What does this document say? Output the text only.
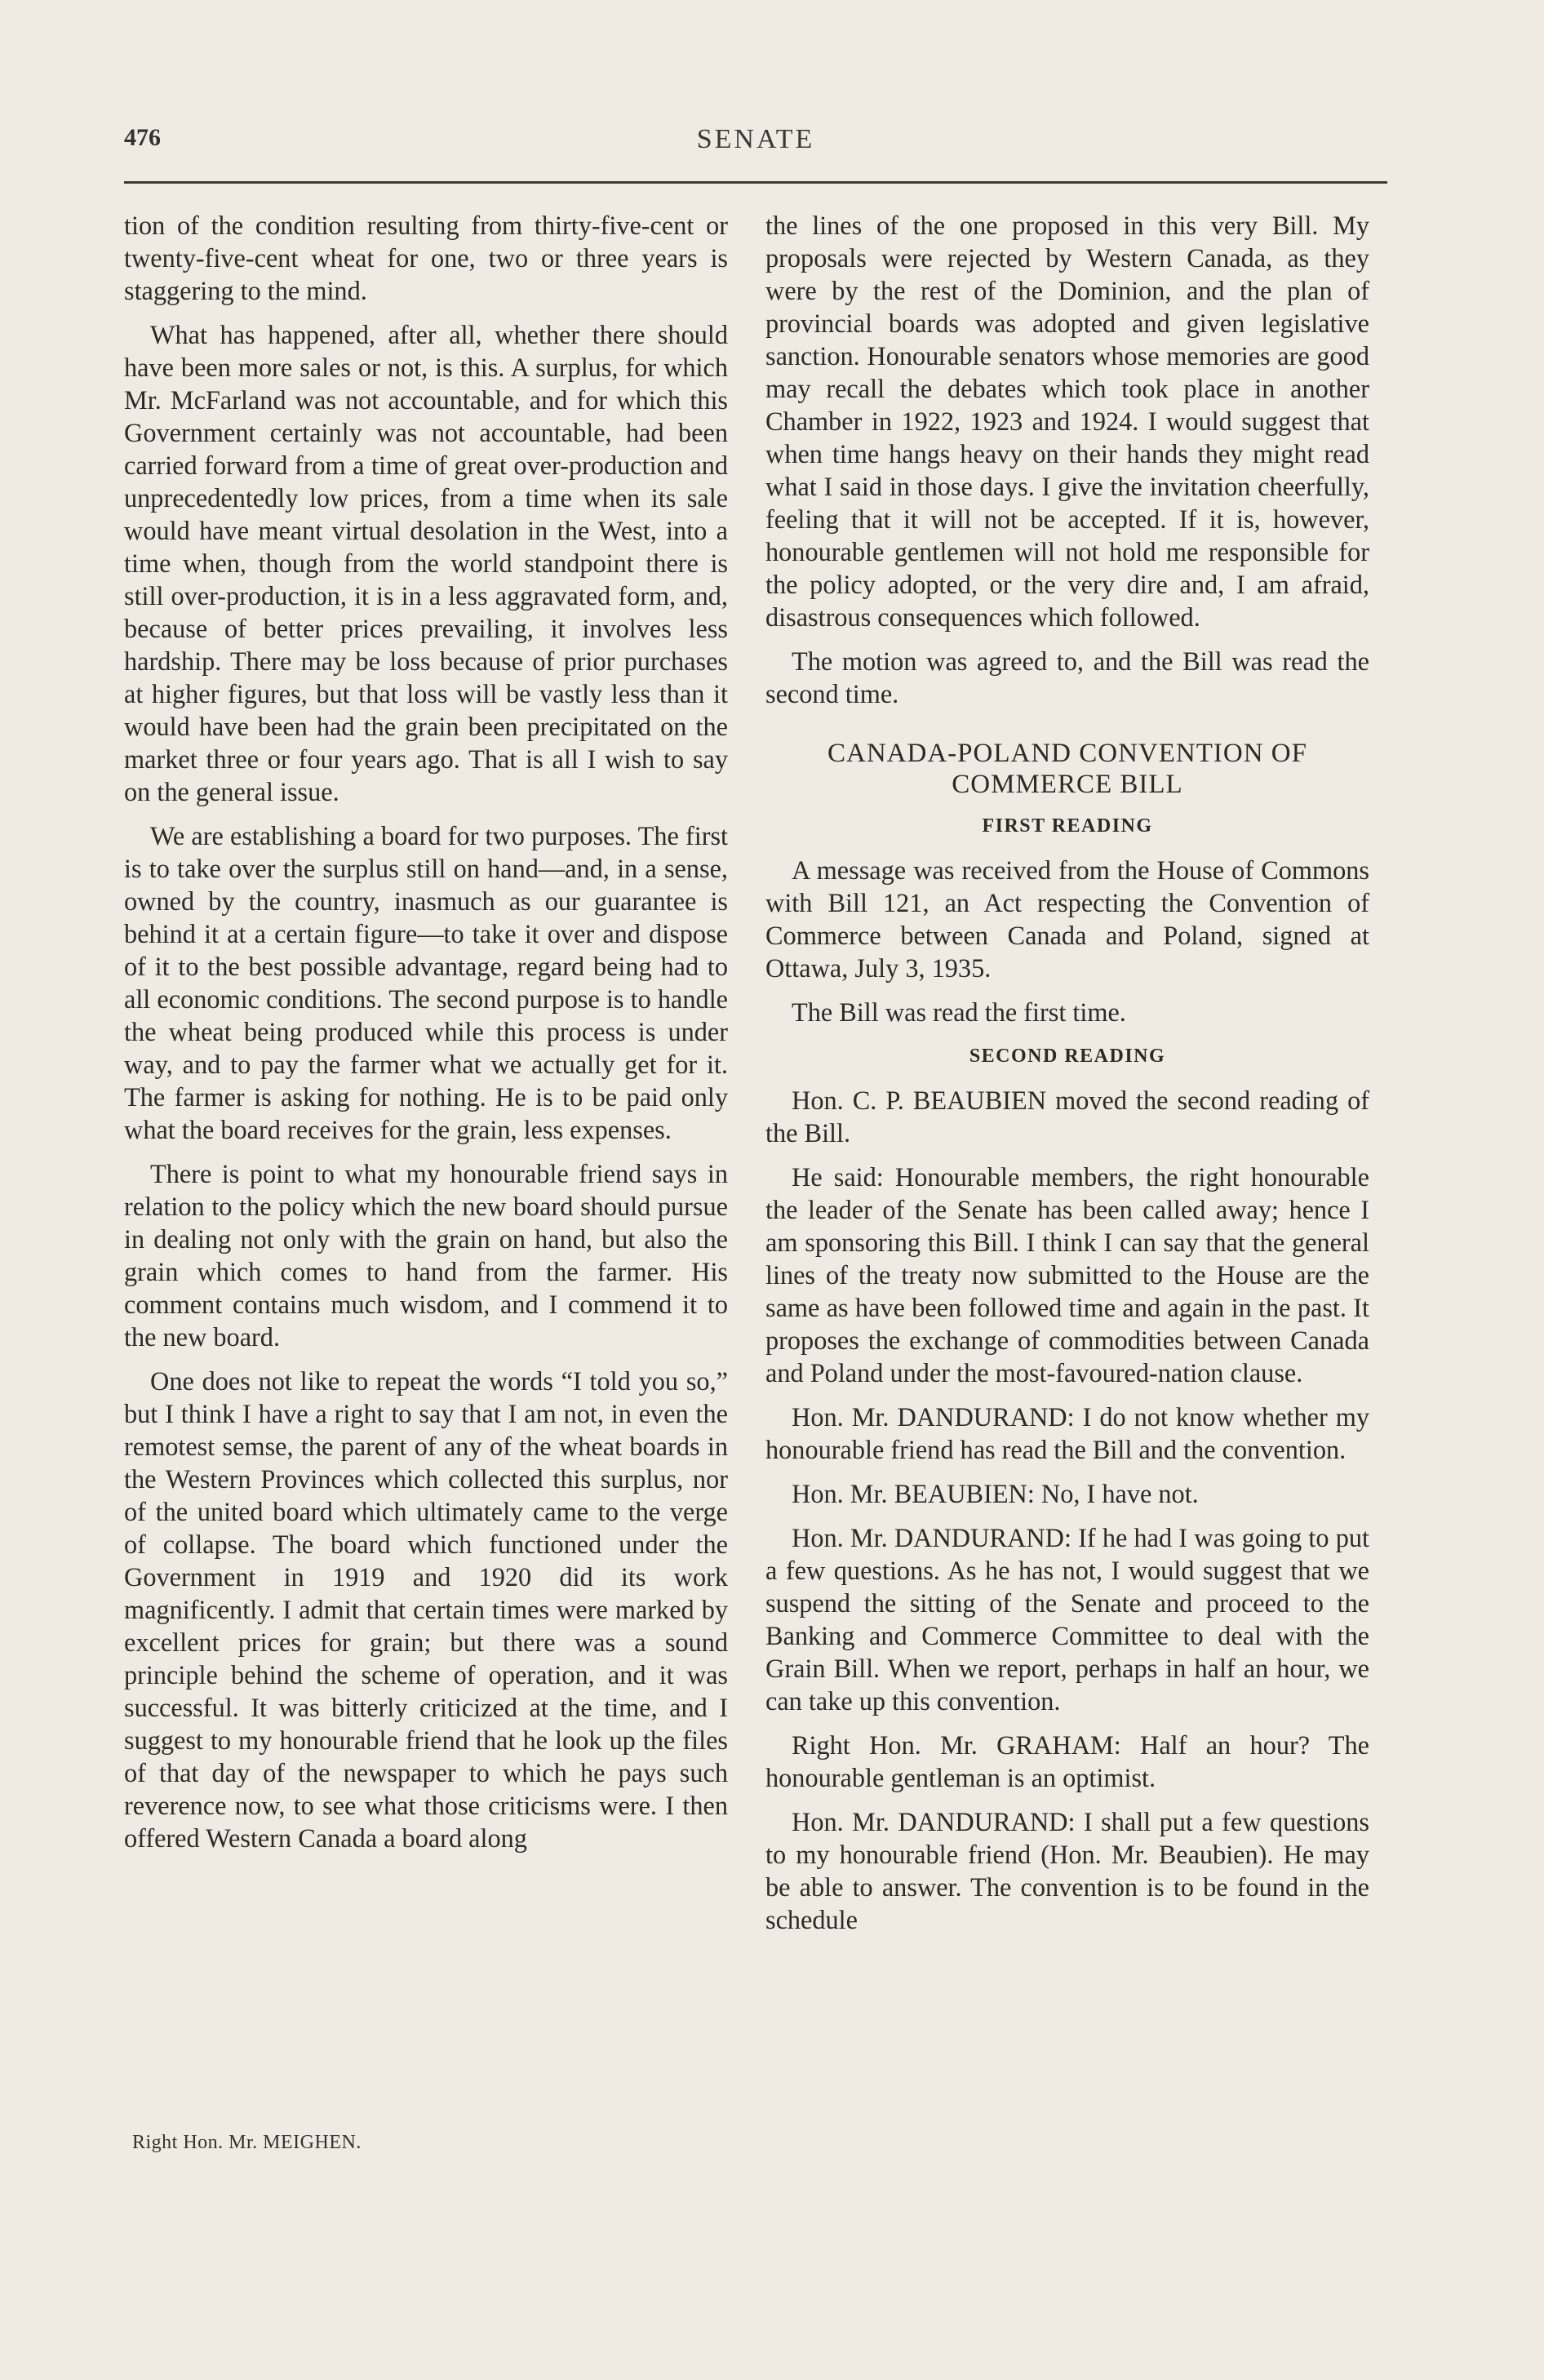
476	SENATE

tion of the condition resulting from thirty-five-cent or twenty-five-cent wheat for one, two or three years is staggering to the mind.

What has happened, after all, whether there should have been more sales or not, is this. A surplus, for which Mr. McFarland was not accountable, and for which this Government certainly was not accountable, had been carried forward from a time of great over-production and unprecedentedly low prices, from a time when its sale would have meant virtual desolation in the West, into a time when, though from the world standpoint there is still over-production, it is in a less aggravated form, and, because of better prices prevailing, it involves less hardship. There may be loss because of prior purchases at higher figures, but that loss will be vastly less than it would have been had the grain been precipitated on the market three or four years ago. That is all I wish to say on the general issue.

We are establishing a board for two purposes. The first is to take over the surplus still on hand—and, in a sense, owned by the country, inasmuch as our guarantee is behind it at a certain figure—to take it over and dispose of it to the best possible advantage, regard being had to all economic conditions. The second purpose is to handle the wheat being produced while this process is under way, and to pay the farmer what we actually get for it. The farmer is asking for nothing. He is to be paid only what the board receives for the grain, less expenses.

There is point to what my honourable friend says in relation to the policy which the new board should pursue in dealing not only with the grain on hand, but also the grain which comes to hand from the farmer. His comment contains much wisdom, and I commend it to the new board.

One does not like to repeat the words “I told you so,” but I think I have a right to say that I am not, in even the remotest semse, the parent of any of the wheat boards in the Western Provinces which collected this surplus, nor of the united board which ultimately came to the verge of collapse. The board which functioned under the Government in 1919 and 1920 did its work magnificently. I admit that certain times were marked by excellent prices for grain; but there was a sound principle behind the scheme of operation, and it was successful. It was bitterly criticized at the time, and I suggest to my honourable friend that he look up the files of that day of the newspaper to which he pays such reverence now, to see what those criticisms were. I then offered Western Canada a board along

the lines of the one proposed in this very Bill. My proposals were rejected by Western Canada, as they were by the rest of the Dominion, and the plan of provincial boards was adopted and given legislative sanction. Honourable senators whose memories are good may recall the debates which took place in another Chamber in 1922, 1923 and 1924. I would suggest that when time hangs heavy on their hands they might read what I said in those days. I give the invitation cheerfully, feeling that it will not be accepted. If it is, however, honourable gentlemen will not hold me responsible for the policy adopted, or the very dire and, I am afraid, disastrous consequences which followed.

The motion was agreed to, and the Bill was read the second time.

CANADA-POLAND CONVENTION OF
COMMERCE BILL
FIRST READING

A message was received from the House of Commons with Bill 121, an Act respecting the Convention of Commerce between Canada and Poland, signed at Ottawa, July 3, 1935.

The Bill was read the first time.

SECOND READING

Hon. C. P. BEAUBIEN moved the second reading of the Bill.

He said: Honourable members, the right honourable the leader of the Senate has been called away; hence I am sponsoring this Bill. I think I can say that the general lines of the treaty now submitted to the House are the same as have been followed time and again in the past. It proposes the exchange of commodities between Canada and Poland under the most-favoured-nation clause.

Hon. Mr. DANDURAND: I do not know whether my honourable friend has read the Bill and the convention.

Hon. Mr. BEAUBIEN: No, I have not.

Hon. Mr. DANDURAND: If he had I was going to put a few questions. As he has not, I would suggest that we suspend the sitting of the Senate and proceed to the Banking and Commerce Committee to deal with the Grain Bill. When we report, perhaps in half an hour, we can take up this convention.

Right Hon. Mr. GRAHAM: Half an hour? The honourable gentleman is an optimist.

Hon. Mr. DANDURAND: I shall put a few questions to my honourable friend (Hon. Mr. Beaubien). He may be able to answer. The convention is to be found in the schedule

Right Hon. Mr. MEIGHEN.
